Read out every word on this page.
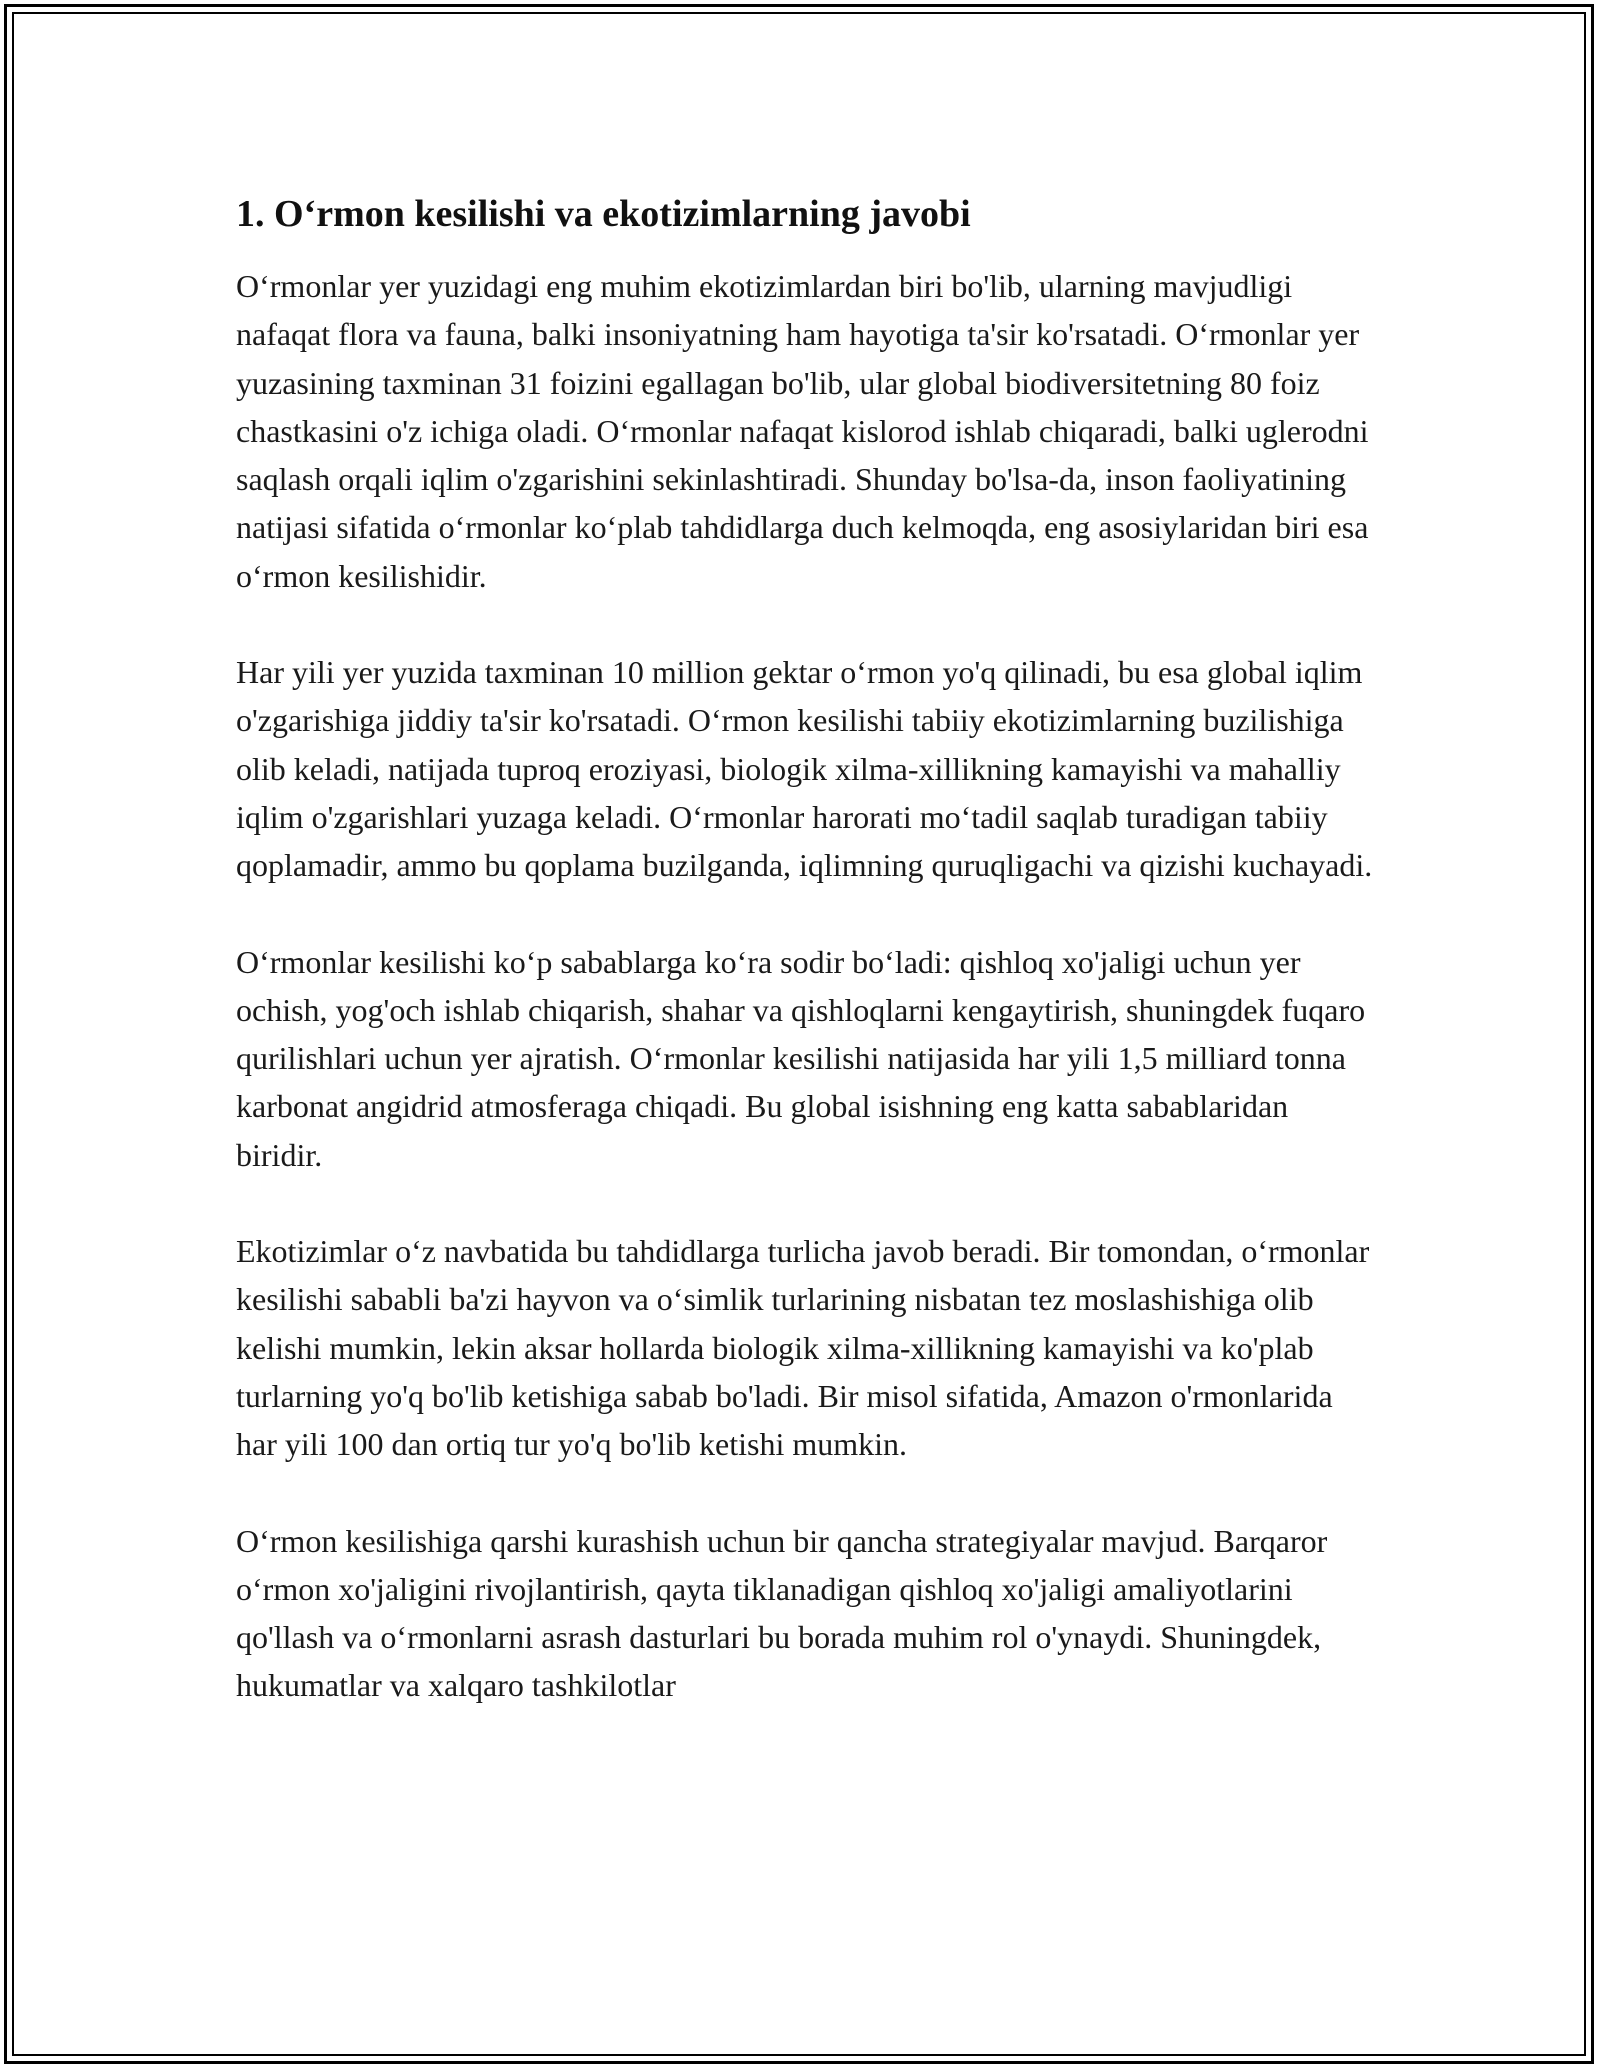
1. O‘rmon kesilishi va ekotizimlarning javobi

O‘rmonlar yer yuzidagi eng muhim ekotizimlardan biri bo'lib, ularning mavjudligi nafaqat flora va fauna, balki insoniyatning ham hayotiga ta'sir ko'rsatadi. O‘rmonlar yer yuzasining taxminan 31 foizini egallagan bo'lib, ular global biodiversitetning 80 foiz chastkasini o'z ichiga oladi. O‘rmonlar nafaqat kislorod ishlab chiqaradi, balki uglerodni saqlash orqali iqlim o'zgarishini sekinlashtiradi. Shunday bo'lsa-da, inson faoliyatining natijasi sifatida o‘rmonlar ko‘plab tahdidlarga duch kelmoqda, eng asosiylaridan biri esa o‘rmon kesilishidir.

Har yili yer yuzida taxminan 10 million gektar o‘rmon yo'q qilinadi, bu esa global iqlim o'zgarishiga jiddiy ta'sir ko'rsatadi. O‘rmon kesilishi tabiiy ekotizimlarning buzilishiga olib keladi, natijada tuproq eroziyasi, biologik xilma-xillikning kamayishi va mahalliy iqlim o'zgarishlari yuzaga keladi. O‘rmonlar harorati mo‘tadil saqlab turadigan tabiiy qoplamadir, ammo bu qoplama buzilganda, iqlimning quruqligachi va qizishi kuchayadi.

O‘rmonlar kesilishi ko‘p sabablarga ko‘ra sodir bo‘ladi: qishloq xo'jaligi uchun yer ochish, yog'och ishlab chiqarish, shahar va qishloqlarni kengaytirish, shuningdek fuqaro qurilishlari uchun yer ajratish. O‘rmonlar kesilishi natijasida har yili 1,5 milliard tonna karbonat angidrid atmosferaga chiqadi. Bu global isishning eng katta sabablaridan biridir.

Ekotizimlar o‘z navbatida bu tahdidlarga turlicha javob beradi. Bir tomondan, o‘rmonlar kesilishi sababli ba'zi hayvon va o‘simlik turlarining nisbatan tez moslashishiga olib kelishi mumkin, lekin aksar hollarda biologik xilma-xillikning kamayishi va ko'plab turlarning yo'q bo'lib ketishiga sabab bo'ladi. Bir misol sifatida, Amazon o'rmonlarida har yili 100 dan ortiq tur yo'q bo'lib ketishi mumkin.

O‘rmon kesilishiga qarshi kurashish uchun bir qancha strategiyalar mavjud. Barqaror o‘rmon xo'jaligini rivojlantirish, qayta tiklanadigan qishloq xo'jaligi amaliyotlarini qo'llash va o‘rmonlarni asrash dasturlari bu borada muhim rol o'ynaydi. Shuningdek, hukumatlar va xalqaro tashkilotlar
